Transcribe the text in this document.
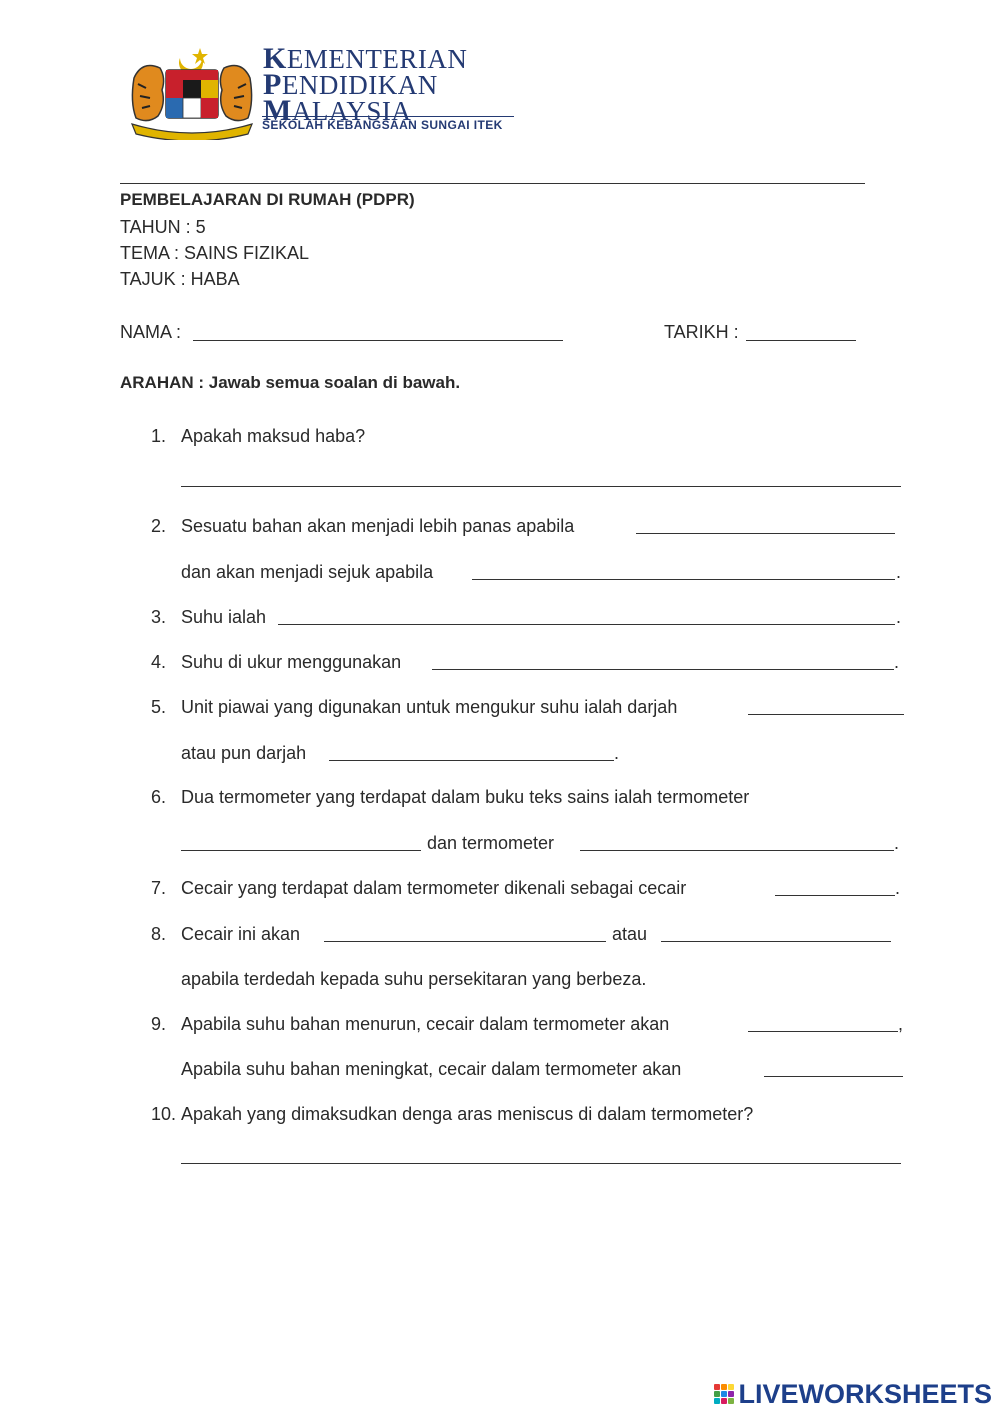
KEMENTERIAN
PENDIDIKAN
MALAYSIA
SEKOLAH KEBANGSAAN SUNGAI ITEK
PEMBELAJARAN DI RUMAH (PDPR)
TAHUN : 5
TEMA : SAINS FIZIKAL
TAJUK : HABA
NAMA :	TARIKH :
ARAHAN : Jawab semua soalan di bawah.
1. Apakah maksud haba?
2. Sesuatu bahan akan menjadi lebih panas apabila
dan akan menjadi sejuk apabila	.
3. Suhu ialah	.
4. Suhu di ukur menggunakan	.
5. Unit piawai yang digunakan untuk mengukur suhu ialah darjah
atau pun darjah	.
6. Dua termometer yang terdapat dalam buku teks sains ialah termometer
dan termometer	.
7. Cecair yang terdapat dalam termometer dikenali sebagai cecair	.
8. Cecair ini akan	atau
apabila terdedah kepada suhu persekitaran yang berbeza.
9. Apabila suhu bahan menurun, cecair dalam termometer akan	,
Apabila suhu bahan meningkat, cecair dalam termometer akan
10. Apakah yang dimaksudkan denga aras meniscus di dalam termometer?
LIVEWORKSHEETS
